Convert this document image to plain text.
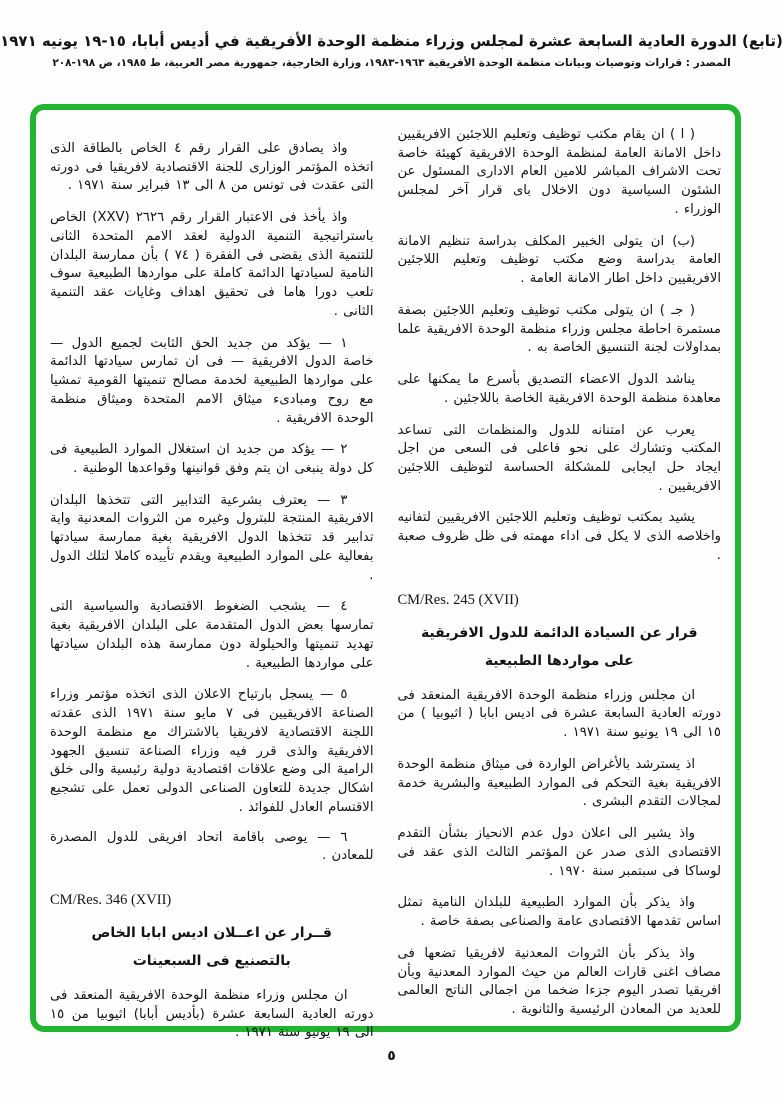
(تابع) الدورة العادية السابعة عشرة لمجلس وزراء منظمة الوحدة الأفريقية في أديس أبابا، ١٥-١٩ يونيه ١٩٧١
المصدر : قرارات وتوصيات وبيانات منظمة الوحدة الأفريقية ١٩٦٣-١٩٨٣، وزارة الخارجية، جمهورية مصر العربية، ط ١٩٨٥، ص ١٩٨-٢٠٨

( ا ) ان يقام مكتب توظيف وتعليم اللاجئين الافريقيين داخل الامانة العامة لمنظمة الوحدة الافريقية كهيئة خاصة تحت الاشراف المباشر للامين العام الادارى المسئول عن الشئون السياسية دون الاخلال باى قرار آخر لمجلس الوزراء .

(ب) ان يتولى الخبير المكلف بدراسة تنظيم الامانة العامة بدراسة وضع مكتب توظيف وتعليم اللاجئين الافريقيين داخل اطار الامانة العامة .

( جـ ) ان يتولى مكتب توظيف وتعليم اللاجئين بصفة مستمرة احاطة مجلس وزراء منظمة الوحدة الافريقية علما بمداولات لجنة التنسيق الخاصة به .

يناشد الدول الاعضاء التصديق بأسرع ما يمكنها على معاهدة منظمة الوحدة الافريقية الخاصة باللاجئين .

يعرب عن امتنانه للدول والمنظمات التى تساعد المكتب وتشارك على نحو فاعلى فى السعى من اجل ايجاد حل ايجابى للمشكلة الحساسة لتوظيف اللاجئين الافريقيين .

يشيد بمكتب توظيف وتعليم اللاجئين الافريقيين لتفانيه واخلاصه الذى لا يكل فى اداء مهمته فى ظل ظروف صعبة .

CM/Res. 245 (XVII)
قرار عن السيادة الدائمة للدول الافريقية
على مواردها الطبيعية

ان مجلس وزراء منظمة الوحدة الافريقية المنعقد فى دورته العادية السابعة عشرة فى اديس ابابا ( اثيوبيا ) من ١٥ الى ١٩ يونيو سنة ١٩٧١ .

اذ يسترشد بالأغراض الواردة فى ميثاق منظمة الوحدة الافريقية بغية التحكم فى الموارد الطبيعية والبشرية خدمة لمجالات التقدم البشرى .

واذ يشير الى اعلان دول عدم الانحياز بشأن التقدم الاقتصادى الذى صدر عن المؤتمر الثالث الذى عقد فى لوساكا فى سبتمبر سنة ١٩٧٠ .

واذ يذكر بأن الموارد الطبيعية للبلدان النامية تمثل اساس تقدمها الاقتصادى عامة والصناعى بصفة خاصة .

واذ يذكر بأن الثروات المعدنية لافريقيا تضعها فى مصاف اغنى قارات العالم من حيث الموارد المعدنية وبأن افريقيا تصدر اليوم جزءا ضخما من اجمالى الناتج العالمى للعديد من المعادن الرئيسية والثانوية .

واذ يصادق على القرار رقم ٤ الخاص بالطاقة الذى اتخذه المؤتمر الوزارى للجنة الاقتصادية لافريقيا فى دورته التى عقدت فى تونس من ٨ الى ١٣ فبراير سنة ١٩٧١ .

واذ يأخذ فى الاعتبار القرار رقم ٢٦٢٦ (XXV) الخاص باستراتيجية التنمية الدولية لعقد الامم المتحدة الثانى للتنمية الذى يقضى فى الفقرة ( ٧٤ ) بأن ممارسة البلدان النامية لسيادتها الدائمة كاملة على مواردها الطبيعية سوف تلعب دورا هاما فى تحقيق اهداف وغايات عقد التنمية الثانى .

١ — يؤكد من جديد الحق الثابت لجميع الدول — خاصة الدول الافريقية — فى ان تمارس سيادتها الدائمة على مواردها الطبيعية لخدمة مصالح تنميتها القومية تمشيا مع روح ومبادىء ميثاق الامم المتحدة وميثاق منظمة الوحدة الافريقية .

٢ — يؤكد من جديد ان استغلال الموارد الطبيعية فى كل دولة ينبغى ان يتم وفق قوانينها وقواعدها الوطنية .

٣ — يعترف بشرعية التدابير التى تتخذها البلدان الافريقية المنتجة للبترول وغيره من الثروات المعدنية واية تدابير قد تتخذها الدول الافريقية بغية ممارسة سيادتها بفعالية على الموارد الطبيعية ويقدم تأييده كاملا لتلك الدول .

٤ — يشجب الضغوط الاقتصادية والسياسية التى تمارسها بعض الدول المتقدمة على البلدان الافريقية بغية تهديد تنميتها والحيلولة دون ممارسة هذه البلدان سيادتها على مواردها الطبيعية .

٥ — يسجل بارتياح الاعلان الذى اتخذه مؤتمر وزراء الصناعة الافريقيين فى ٧ مايو سنة ١٩٧١ الذى عقدته اللجنة الاقتصادية لافريقيا بالاشتراك مع منظمة الوحدة الافريقية والذى قرر فيه وزراء الصناعة تنسيق الجهود الرامية الى وضع علاقات اقتصادية دولية رئيسية والى خلق اشكال جديدة للتعاون الصناعى الدولى تعمل على تشجيع الاقتسام العادل للفوائد .

٦ — يوصى باقامة اتحاد افريقى للدول المصدرة للمعادن .

CM/Res. 346 (XVII)
قــرار عن اعــلان اديس ابابا الخاص
بالتصنيع فى السبعينات

ان مجلس وزراء منظمة الوحدة الافريقية المنعقد فى دورته العادية السابعة عشرة (بأديس أبابا) اثيوبيا من ١٥ الى ١٩ يونيو سنة ١٩٧١ .

٥
